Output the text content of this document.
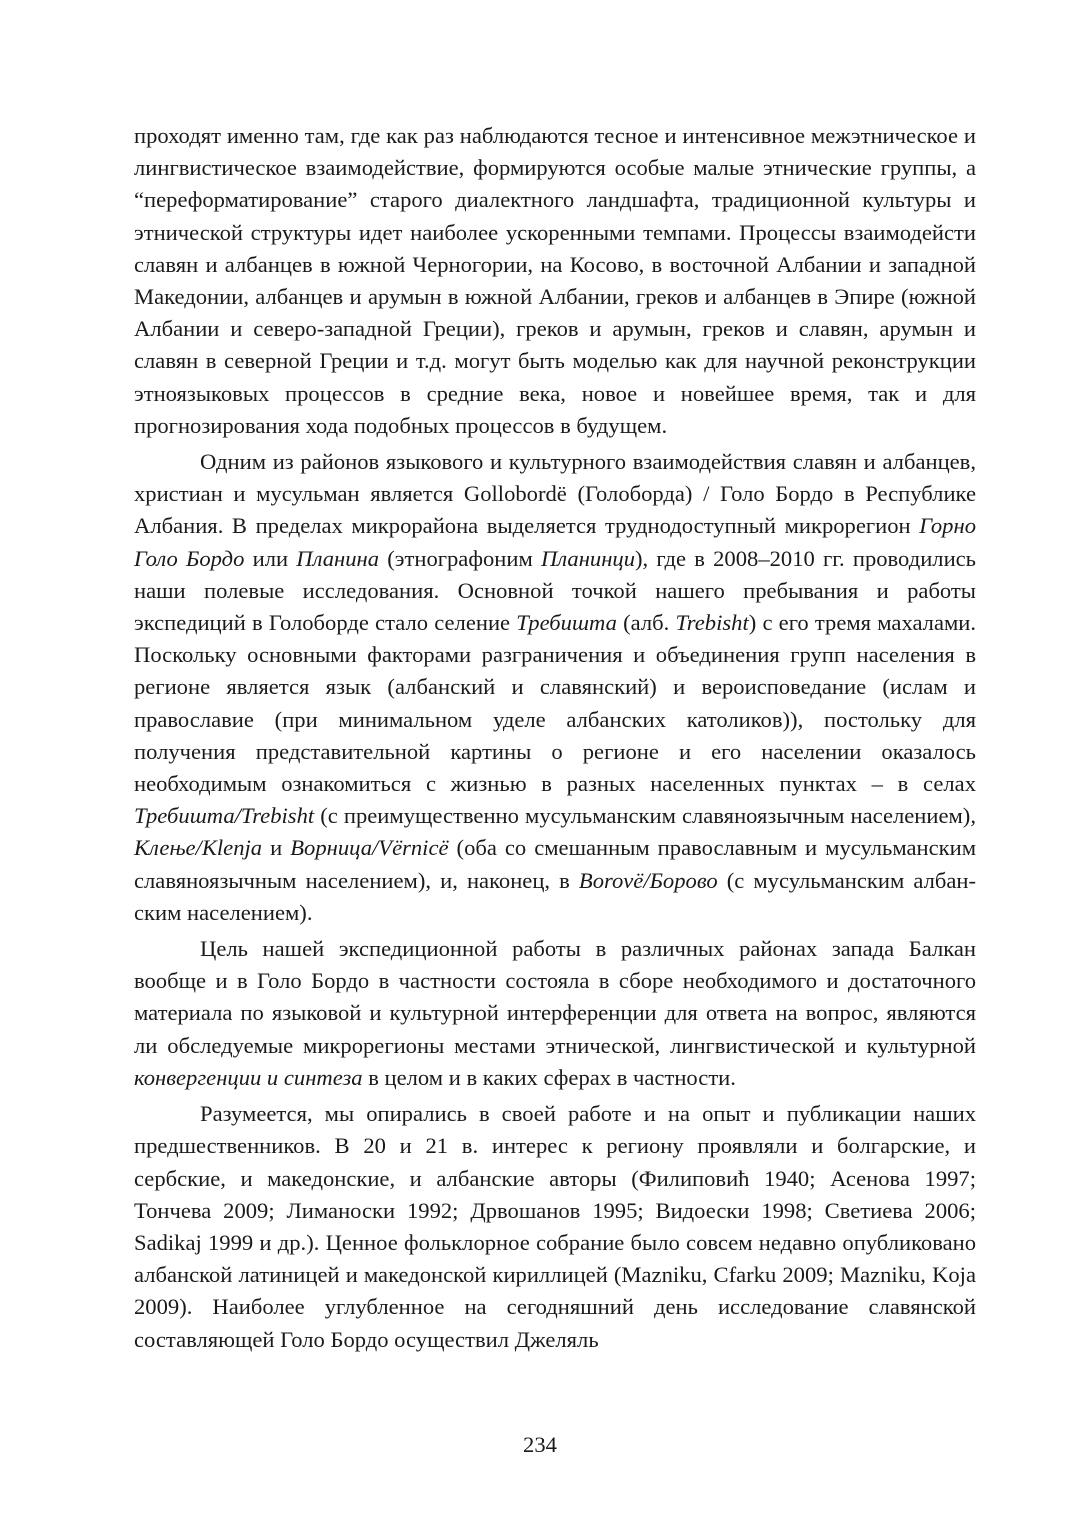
проходят именно там, где как раз наблюдаются тесное и интенсивное межэтническое и лингвистическое взаимодействие, формируются особые малые этнические группы, а “переформатирование” старого диалектного ландшафта, традиционной культуры и этнической структуры идет наиболее ускоренными темпами. Процессы взаимодейсти славян и албанцев в южной Черногории, на Косово, в восточной Албании и западной Македонии, албанцев и арумын в южной Албании, греков и албанцев в Эпире (южной Албании и северо-западной Греции), греков и арумын, греков и славян, арумын и славян в северной Греции и т.д. могут быть моделью как для научной реконструкции этноязыковых процессов в средние века, новое и новейшее время, так и для прогнозирования хода подобных процессов в будущем.

Одним из районов языкового и культурного взаимодействия славян и албанцев, христиан и мусульман является Gollobordë (Голоборда) / Голо Бордо в Республике Албания. В пределах микрорайона выделяется труднодоступный микрорегион Горно Голо Бордо или Планина (этнографоним Планинци), где в 2008–2010 гг. проводились наши полевые исследования. Основной точкой нашего пребывания и работы экспедиций в Голоборде стало селение Требишта (алб. Trebisht) с его тремя махалами. Поскольку основными факторами разграничения и объединения групп населения в регионе является язык (албанский и славянский) и вероисповедание (ислам и православие (при минимальном уделе албанских католиков)), постольку для получения представительной картины о регионе и его населении оказалось необходимым ознакомиться с жизнью в разных населенных пунктах – в селах Требишта/Trebisht (с преимущественно мусульманским славяноязычным населением), Клење/Klenja и Ворница/Vërnicë (оба со смешанным православным и мусульманским славяноязычным населением), и, наконец, в Borovë/Борово (с мусульманским албанским населением).

Цель нашей экспедиционной работы в различных районах запада Балкан вообще и в Голо Бордо в частности состояла в сборе необходимого и достаточного материала по языковой и культурной интерференции для ответа на вопрос, являются ли обследуемые микрорегионы местами этнической, лингвистической и культурной конвергенции и синтеза в целом и в каких сферах в частности.

Разумеется, мы опирались в своей работе и на опыт и публикации наших предшественников. В 20 и 21 в. интерес к региону проявляли и болгарские, и сербские, и македонские, и албанские авторы (Филиповић 1940; Асенова 1997; Тончева 2009; Лиманоски 1992; Дрвошанов 1995; Видоески 1998; Светиева 2006; Sadikaj 1999 и др.). Ценное фольклорное собрание было совсем недавно опубликовано албанской латиницей и македонской кириллицей (Mazniku, Cfarku 2009; Mazniku, Koja 2009). Наиболее углубленное на сегодняшний день исследование славянской составляющей Голо Бордо осуществил Джеляль

234
